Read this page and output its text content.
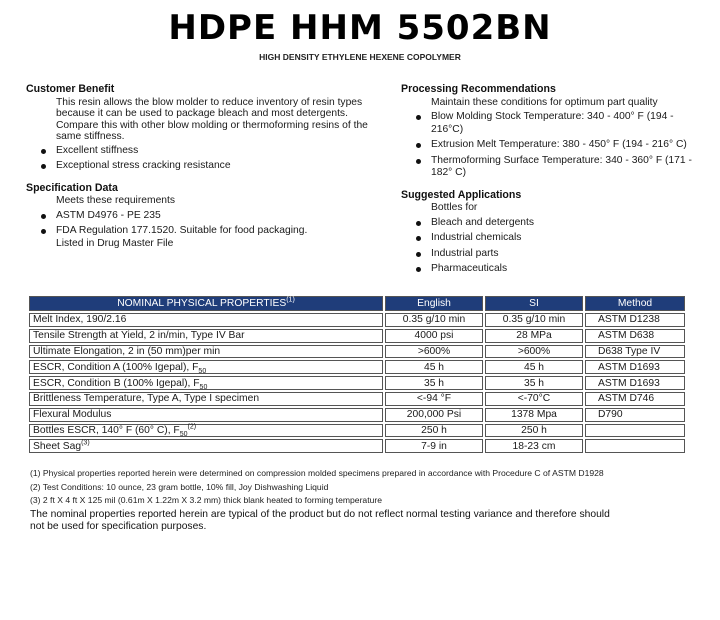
HDPE HHM 5502BN
HIGH DENSITY ETHYLENE HEXENE COPOLYMER
Customer Benefit
This resin allows the blow molder to reduce inventory of resin types because it can be used to package bleach and most detergents. Compare this with other blow molding or thermoforming resins of the same stiffness.
Excellent stiffness
Exceptional stress cracking resistance
Specification Data
Meets these requirements
ASTM D4976 - PE 235
FDA Regulation 177.1520. Suitable for food packaging.
Listed in Drug Master File
Processing Recommendations
Maintain these conditions for optimum part quality
Blow Molding Stock Temperature: 340 - 400° F (194 - 216°C)
Extrusion Melt Temperature: 380 - 450° F (194 - 216° C)
Thermoforming Surface Temperature: 340 - 360° F (171 - 182° C)
Suggested Applications
Bottles for
Bleach and detergents
Industrial chemicals
Industrial parts
Pharmaceuticals
NOMINAL PHYSICAL PROPERTIES$^{(1)}$	English	SI	Method
Melt Index, 190/2.16	0.35 g/10 min	0.35 g/10 min	ASTM D1238
Tensile Strength at Yield, 2 in/min, Type IV Bar	4000 psi	28 MPa	ASTM D638
Ultimate Elongation, 2 in (50 mm)per min	>600%	>600%	D638 Type IV
ESCR, Condition A (100% Igepal), $F_{50}$	45 h	45 h	ASTM D1693
ESCR, Condition B (100% Igepal), $F_{50}$	35 h	35 h	ASTM D1693
Brittleness Temperature, Type A, Type I specimen	<-94 °F	<-70°C	ASTM D746
Flexural Modulus	200,000 Psi	1378 Mpa	D790
Bottles ESCR, 140° F (60° C), $F_{50}^{(2)}$	250 h	250 h	
Sheet Sag$^{(3)}$	7-9 in	18-23 cm	
(1) Physical properties reported herein were determined on compression molded specimens prepared in accordance with Procedure C of ASTM D1928
(2) Test Conditions: 10 ounce, 23 gram bottle, 10% fill, Joy Dishwashing Liquid
(3) 2 ft X 4 ft X 125 mil (0.61m X 1.22m X 3.2 mm) thick blank heated to forming temperature
The nominal properties reported herein are typical of the product but do not reflect normal testing variance and therefore should not be used for specification purposes.
